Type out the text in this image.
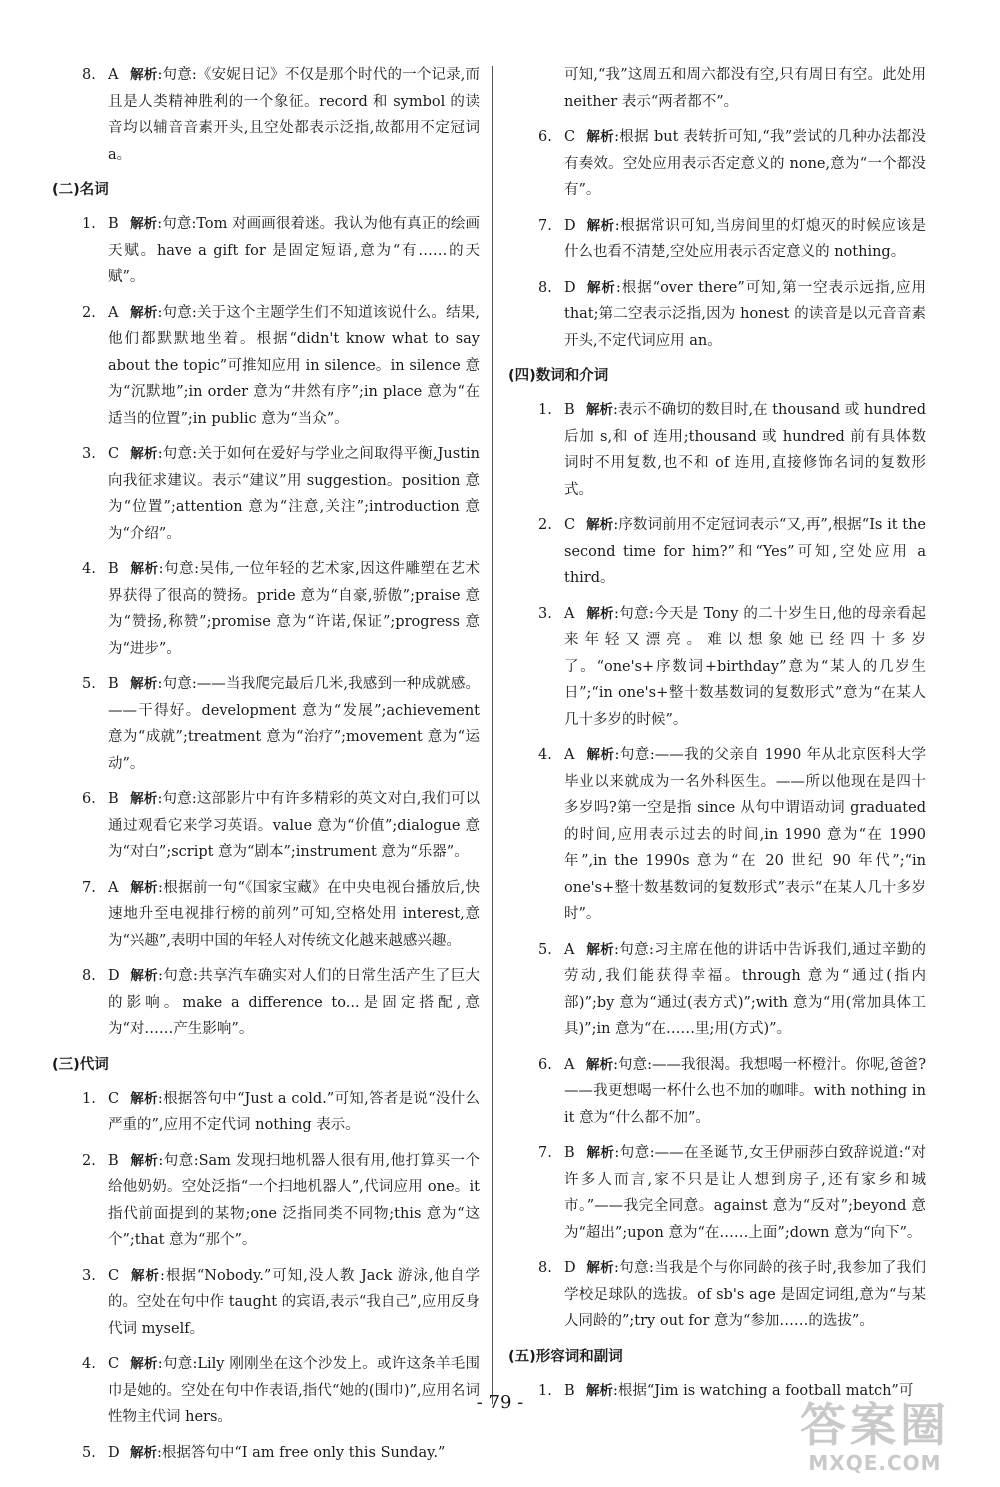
8. A 解析:句意:《安妮日记》不仅是那个时代的一个记录,而且是人类精神胜利的一个象征。record 和 symbol 的读音均以辅音音素开头,且空处都表示泛指,故都用不定冠词 a。
(二)名词
1. B 解析:句意:Tom 对画画很着迷。我认为他有真正的绘画天赋。have a gift for 是固定短语,意为“有……的天赋”。
2. A 解析:句意:关于这个主题学生们不知道该说什么。结果,他们都默默地坐着。根据“didn't know what to say about the topic”可推知应用 in silence。in silence 意为“沉默地”;in order 意为“井然有序”;in place 意为“在适当的位置”;in public 意为“当众”。
3. C 解析:句意:关于如何在爱好与学业之间取得平衡,Justin 向我征求建议。表示“建议”用 suggestion。position 意为“位置”;attention 意为“注意,关注”;introduction 意为“介绍”。
4. B 解析:句意:吴伟,一位年轻的艺术家,因这件雕塑在艺术界获得了很高的赞扬。pride 意为“自豪,骄傲”;praise 意为“赞扬,称赞”;promise 意为“许诺,保证”;progress 意为“进步”。
5. B 解析:句意:——当我爬完最后几米,我感到一种成就感。——干得好。development 意为“发展”;achievement 意为“成就”;treatment 意为“治疗”;movement 意为“运动”。
6. B 解析:句意:这部影片中有许多精彩的英文对白,我们可以通过观看它来学习英语。value 意为“价值”;dialogue 意为“对白”;script 意为“剧本”;instrument 意为“乐器”。
7. A 解析:根据前一句“《国家宝藏》在中央电视台播放后,快速地升至电视排行榜的前列”可知,空格处用 interest,意为“兴趣”,表明中国的年轻人对传统文化越来越感兴趣。
8. D 解析:句意:共享汽车确实对人们的日常生活产生了巨大的影响。make a difference to...是固定搭配,意为“对……产生影响”。
(三)代词
1. C 解析:根据答句中“Just a cold.”可知,答者是说“没什么严重的”,应用不定代词 nothing 表示。
2. B 解析:句意:Sam 发现扫地机器人很有用,他打算买一个给他奶奶。空处泛指“一个扫地机器人”,代词应用 one。it 指代前面提到的某物;one 泛指同类不同物;this 意为“这个”;that 意为“那个”。
3. C 解析:根据“Nobody.”可知,没人教 Jack 游泳,他自学的。空处在句中作 taught 的宾语,表示“我自己”,应用反身代词 myself。
4. C 解析:句意:Lily 刚刚坐在这个沙发上。或许这条羊毛围巾是她的。空处在句中作表语,指代“她的(围巾)”,应用名词性物主代词 hers。
5. D 解析:根据答句中“I am free only this Sunday.”
可知,“我”这周五和周六都没有空,只有周日有空。此处用 neither 表示“两者都不”。
6. C 解析:根据 but 表转折可知,“我”尝试的几种办法都没有奏效。空处应用表示否定意义的 none,意为“一个都没有”。
7. D 解析:根据常识可知,当房间里的灯熄灭的时候应该是什么也看不清楚,空处应用表示否定意义的 nothing。
8. D 解析:根据“over there”可知,第一空表示远指,应用 that;第二空表示泛指,因为 honest 的读音是以元音音素开头,不定代词应用 an。
(四)数词和介词
1. B 解析:表示不确切的数目时,在 thousand 或 hundred 后加 s,和 of 连用;thousand 或 hundred 前有具体数词时不用复数,也不和 of 连用,直接修饰名词的复数形式。
2. C 解析:序数词前用不定冠词表示“又,再”,根据“Is it the second time for him?”和“Yes”可知,空处应用 a third。
3. A 解析:句意:今天是 Tony 的二十岁生日,他的母亲看起来年轻又漂亮。难以想象她已经四十多岁了。“one's+序数词+birthday”意为“某人的几岁生日”;“in one's+整十数基数词的复数形式”意为“在某人几十多岁的时候”。
4. A 解析:句意:——我的父亲自 1990 年从北京医科大学毕业以来就成为一名外科医生。——所以他现在是四十多岁吗?第一空是指 since 从句中谓语动词 graduated 的时间,应用表示过去的时间,in 1990 意为“在 1990 年”,in the 1990s 意为“在 20 世纪 90 年代”;“in one's+整十数基数词的复数形式”表示“在某人几十多岁时”。
5. A 解析:句意:习主席在他的讲话中告诉我们,通过辛勤的劳动,我们能获得幸福。through 意为“通过(指内部)”;by 意为“通过(表方式)”;with 意为“用(常加具体工具)”;in 意为“在……里;用(方式)”。
6. A 解析:句意:——我很渴。我想喝一杯橙汁。你呢,爸爸?——我更想喝一杯什么也不加的咖啡。with nothing in it 意为“什么都不加”。
7. B 解析:句意:——在圣诞节,女王伊丽莎白致辞说道:“对许多人而言,家不只是让人想到房子,还有家乡和城市。”——我完全同意。against 意为“反对”;beyond 意为“超出”;upon 意为“在……上面”;down 意为“向下”。
8. D 解析:句意:当我是个与你同龄的孩子时,我参加了我们学校足球队的选拔。of sb's age 是固定词组,意为“与某人同龄的”;try out for 意为“参加……的选拔”。
(五)形容词和副词
1. B 解析:根据“Jim is watching a football match”可
- 79 -	答案圈
MXQE.COM
